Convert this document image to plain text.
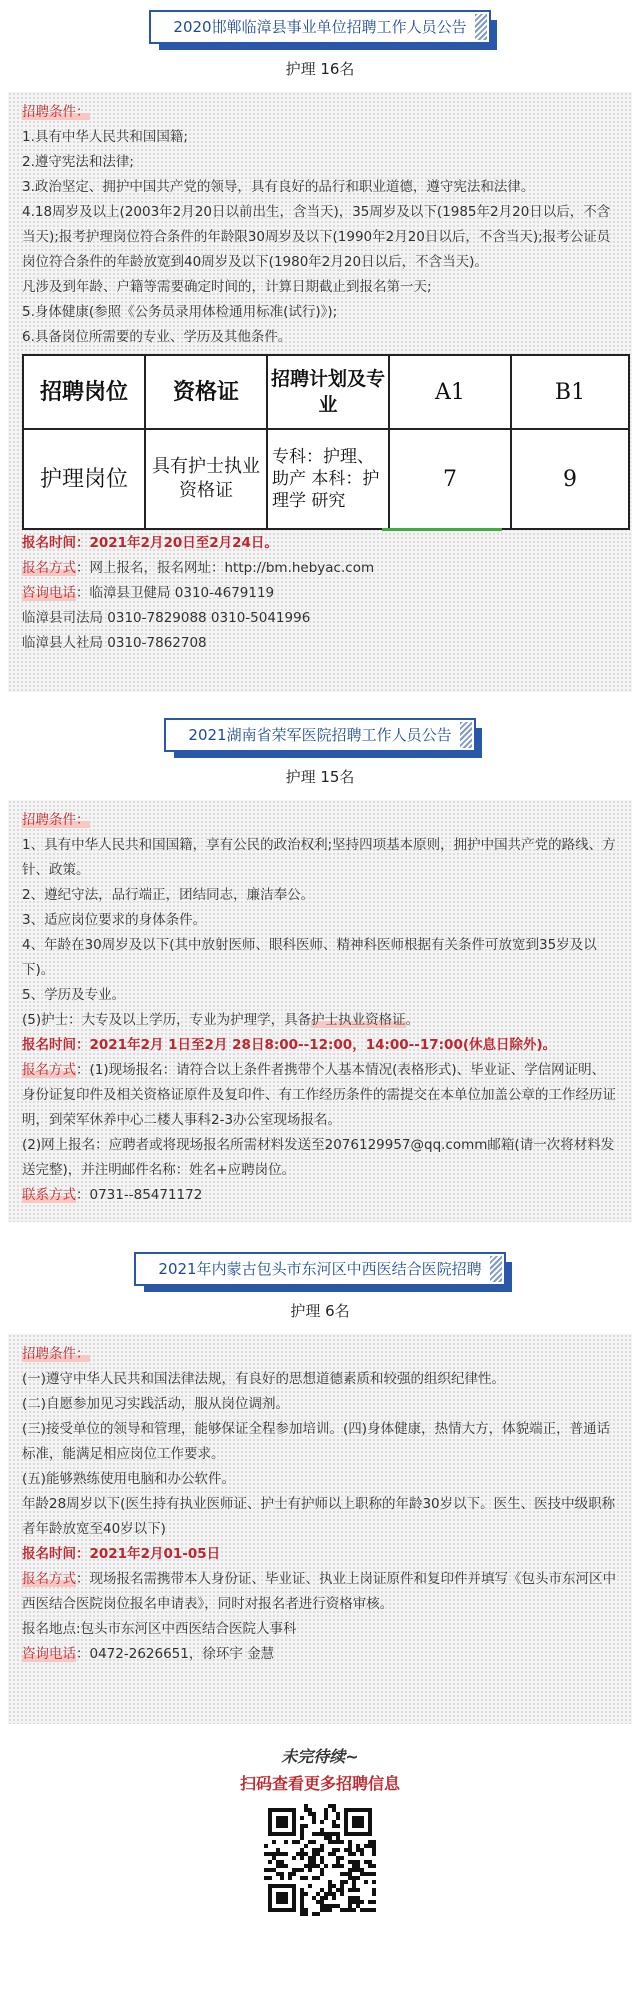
2020邯郸临漳县事业单位招聘工作人员公告
护理 16名

招聘条件：

1.具有中华人民共和国国籍;

2.遵守宪法和法律;

3.政治坚定、拥护中国共产党的领导，具有良好的品行和职业道德，遵守宪法和法律。

4.18周岁及以上(2003年2月20日以前出生，含当天)，35周岁及以下(1985年2月20日以后，不含当天);报考护理岗位符合条件的年龄限30周岁及以下(1990年2月20日以后，不含当天);报考公证员岗位符合条件的年龄放宽到40周岁及以下(1980年2月20日以后，不含当天)。

凡涉及到年龄、户籍等需要确定时间的，计算日期截止到报名第一天;

5.身体健康(参照《公务员录用体检通用标准(试行)》);

6.具备岗位所需要的专业、学历及其他条件。

招聘岗位	资格证	招聘计划及专业	A1	B1
护理岗位	具有护士执业资格证	专科：护理、助产 本科：护理学 研究	7	9

报名时间：2021年2月20日至2月24日。

报名方式：网上报名，报名网址：http://bm.hebyac.com

咨询电话：临漳县卫健局 0310-4679119

临漳县司法局 0310-7829088 0310-5041996

临漳县人社局 0310-7862708

2021湖南省荣军医院招聘工作人员公告
护理 15名

招聘条件：

1、具有中华人民共和国国籍，享有公民的政治权利;坚持四项基本原则，拥护中国共产党的路线、方针、政策。

2、遵纪守法，品行端正，团结同志，廉洁奉公。

3、适应岗位要求的身体条件。

4、年龄在30周岁及以下(其中放射医师、眼科医师、精神科医师根据有关条件可放宽到35岁及以下)。

5、学历及专业。

(5)护士：大专及以上学历，专业为护理学，具备护士执业资格证。

报名时间：2021年2月 1日至2月 28日8:00--12:00，14:00--17:00(休息日除外)。

报名方式：(1)现场报名：请符合以上条件者携带个人基本情况(表格形式)、毕业证、学信网证明、身份证复印件及相关资格证原件及复印件、有工作经历条件的需提交在本单位加盖公章的工作经历证明，到荣军休养中心二楼人事科2-3办公室现场报名。

(2)网上报名：应聘者或将现场报名所需材料发送至2076129957@qq.comm邮箱(请一次将材料发送完整)，并注明邮件名称：姓名+应聘岗位。

联系方式：0731--85471172

2021年内蒙古包头市东河区中西医结合医院招聘
护理 6名

招聘条件：

(一)遵守中华人民共和国法律法规，有良好的思想道德素质和较强的组织纪律性。

(二)自愿参加见习实践活动，服从岗位调剂。

(三)接受单位的领导和管理，能够保证全程参加培训。(四)身体健康，热情大方，体貌端正，普通话标准，能满足相应岗位工作要求。

(五)能够熟练使用电脑和办公软件。

年龄28周岁以下(医生持有执业医师证、护士有护师以上职称的年龄30岁以下。医生、医技中级职称者年龄放宽至40岁以下)

报名时间：2021年2月01-05日

报名方式：现场报名需携带本人身份证、毕业证、执业上岗证原件和复印件并填写《包头市东河区中西医结合医院岗位报名申请表》，同时对报名者进行资格审核。

报名地点:包头市东河区中西医结合医院人事科

咨询电话：0472-2626651，徐环宇 金慧

未完待续~
扫码查看更多招聘信息
